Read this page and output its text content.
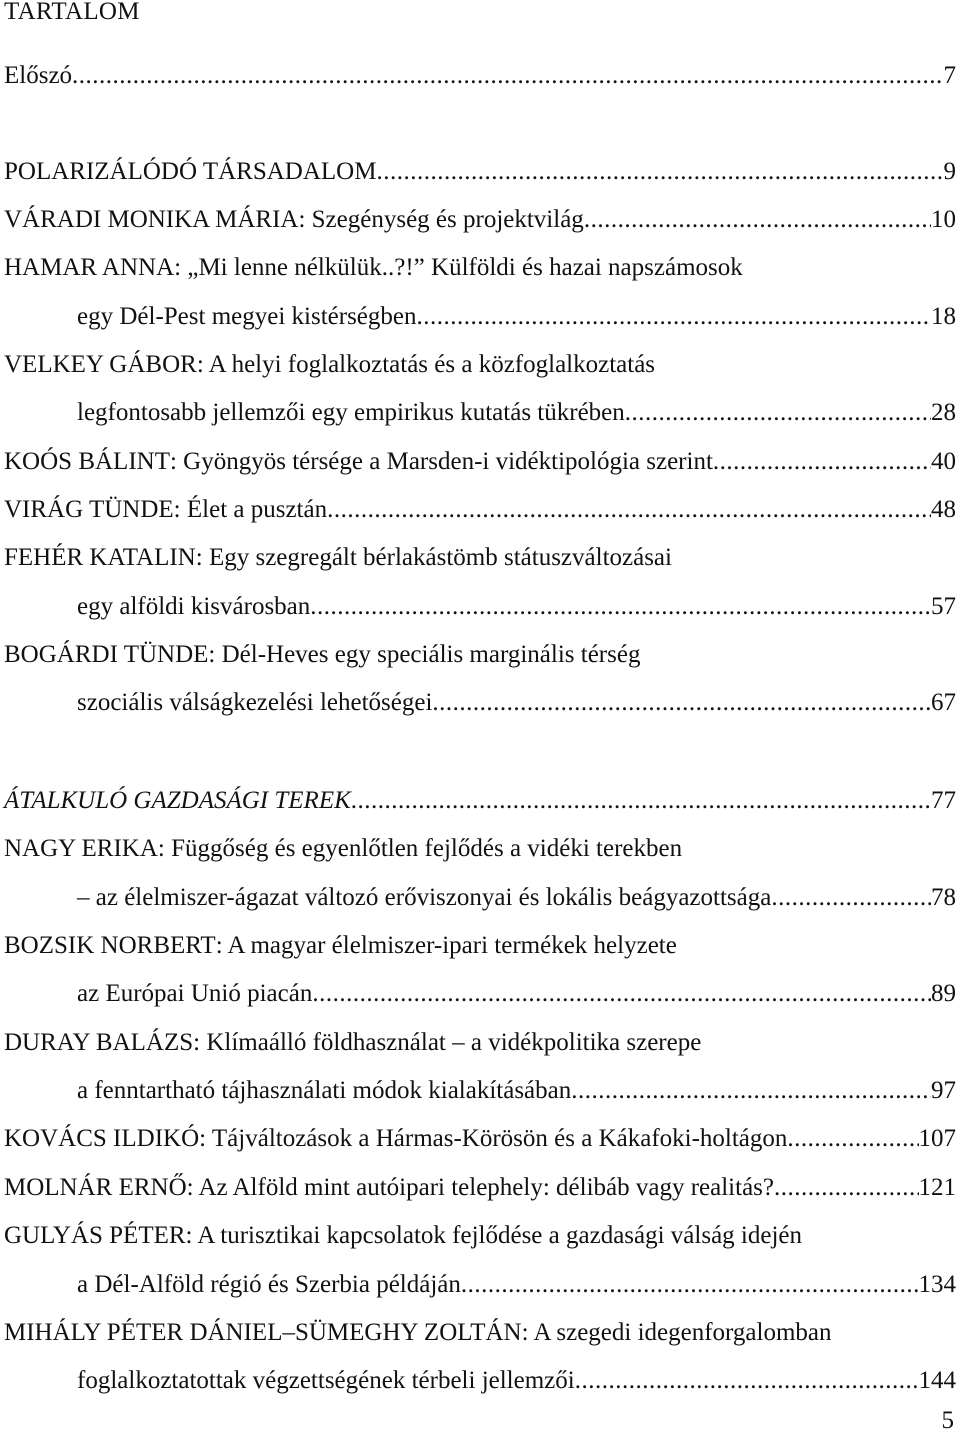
TARTALOM
Előszó .....	7
POLARIZÁLÓDÓ TÁRSADALOM .....	9
VÁRADI MONIKA MÁRIA: Szegénység és projektvilág .....	10
HAMAR ANNA: „Mi lenne nélkülük..?!” Külföldi és hazai napszámosok
egy Dél-Pest megyei kistérségben .....	18
VELKEY GÁBOR: A helyi foglalkoztatás és a közfoglalkoztatás
legfontosabb jellemzői egy empirikus kutatás tükrében .....	28
KOÓS BÁLINT: Gyöngyös térsége a Marsden-i vidéktipológia szerint .....	40
VIRÁG TÜNDE: Élet a pusztán .....	48
FEHÉR KATALIN: Egy szegregált bérlakástömb státuszváltozásai
egy alföldi kisvárosban .....	57
BOGÁRDI TÜNDE: Dél-Heves egy speciális marginális térség
szociális válságkezelési lehetőségei .....	67
ÁTALKULÓ GAZDASÁGI TEREK .....	77
NAGY ERIKA: Függőség és egyenlőtlen fejlődés a vidéki terekben
– az élelmiszer-ágazat változó erőviszonyai és lokális beágyazottsága .....	78
BOZSIK NORBERT: A magyar élelmiszer-ipari termékek helyzete
az Európai Unió piacán .....	89
DURAY BALÁZS: Klímaálló földhasználat – a vidékpolitika szerepe
a fenntartható tájhasználati módok kialakításában .....	97
KOVÁCS ILDIKÓ: Tájváltozások a Hármas-Körösön és a Kákafoki-holtágon .....	107
MOLNÁR ERNŐ: Az Alföld mint autóipari telephely: délibáb vagy realitás? .....	121
GULYÁS PÉTER: A turisztikai kapcsolatok fejlődése a gazdasági válság idején
a Dél-Alföld régió és Szerbia példáján .....	134
MIHÁLY PÉTER DÁNIEL–SÜMEGHY ZOLTÁN: A szegedi idegenforgalomban
foglalkoztatottak végzettségének térbeli jellemzői .....	144
5
